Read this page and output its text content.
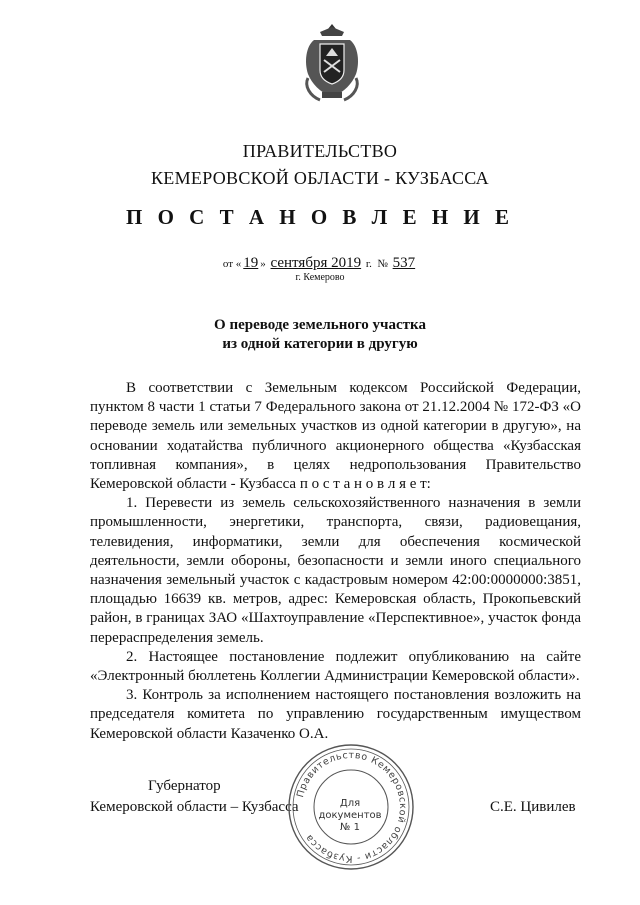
ПРАВИТЕЛЬСТВО
КЕМЕРОВСКОЙ ОБЛАСТИ - КУЗБАССА
П О С Т А Н О В Л Е Н И Е
от « 19 » сентября 2019 г. № 537
г. Кемерово
О переводе земельного участка
из одной категории в другую

В соответствии с Земельным кодексом Российской Федерации, пунктом 8 части 1 статьи 7 Федерального закона от 21.12.2004 № 172-ФЗ «О переводе земель или земельных участков из одной категории в другую», на основании ходатайства публичного акционерного общества «Кузбасская топливная компания», в целях недропользования Правительство Кемеровской области - Кузбасса п о с т а н о в л я е т:

1. Перевести из земель сельскохозяйственного назначения в земли промышленности, энергетики, транспорта, связи, радиовещания, телевидения, информатики, земли для обеспечения космической деятельности, земли обороны, безопасности и земли иного специального назначения земельный участок с кадастровым номером 42:00:0000000:3851, площадью 16639 кв. метров, адрес: Кемеровская область, Прокопьевский район, в границах ЗАО «Шахтоуправление «Перспективное», участок фонда перераспределения земель.

2. Настоящее постановление подлежит опубликованию на сайте «Электронный бюллетень Коллегии Администрации Кемеровской области».

3. Контроль за исполнением настоящего постановления возложить на председателя комитета по управлению государственным имуществом Кемеровской области Казаченко О.А.

Губернатор
Кемеровской области – Кузбасса
Правительство Кемеровской области - Кузбасса
Для
документов
№ 1
С.Е. Цивилев
